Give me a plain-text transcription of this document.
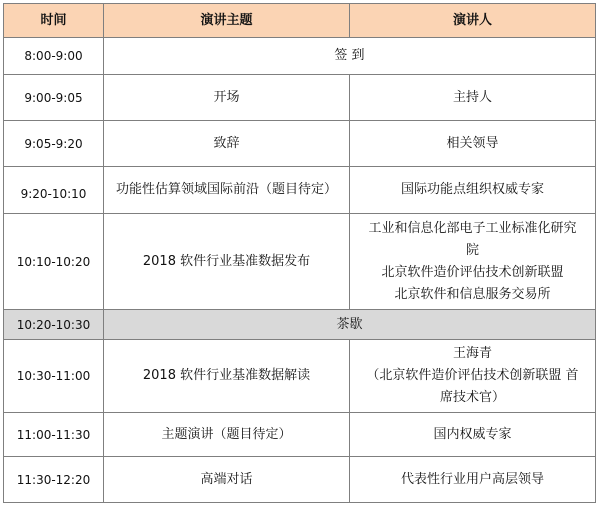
时间	演讲主题	演讲人
8:00-9:00	签 到	
9:00-9:05	开场	主持人

9:05-9:20	致辞	相关领导

9:20-10:10	功能性估算领域国际前沿（题目待定）	国际功能点组织权威专家

10:10-10:20	2018 软件行业基准数据发布	工业和信息化部电子工业标准化研究
院
北京软件造价评估技术创新联盟
北京软件和信息服务交易所

10:20-10:30	茶歇	
10:30-11:00	2018 软件行业基准数据解读	王海青
（北京软件造价评估技术创新联盟 首
席技术官）

11:00-11:30	主题演讲（题目待定）	国内权威专家

11:30-12:20	高端对话	代表性行业用户高层领导
